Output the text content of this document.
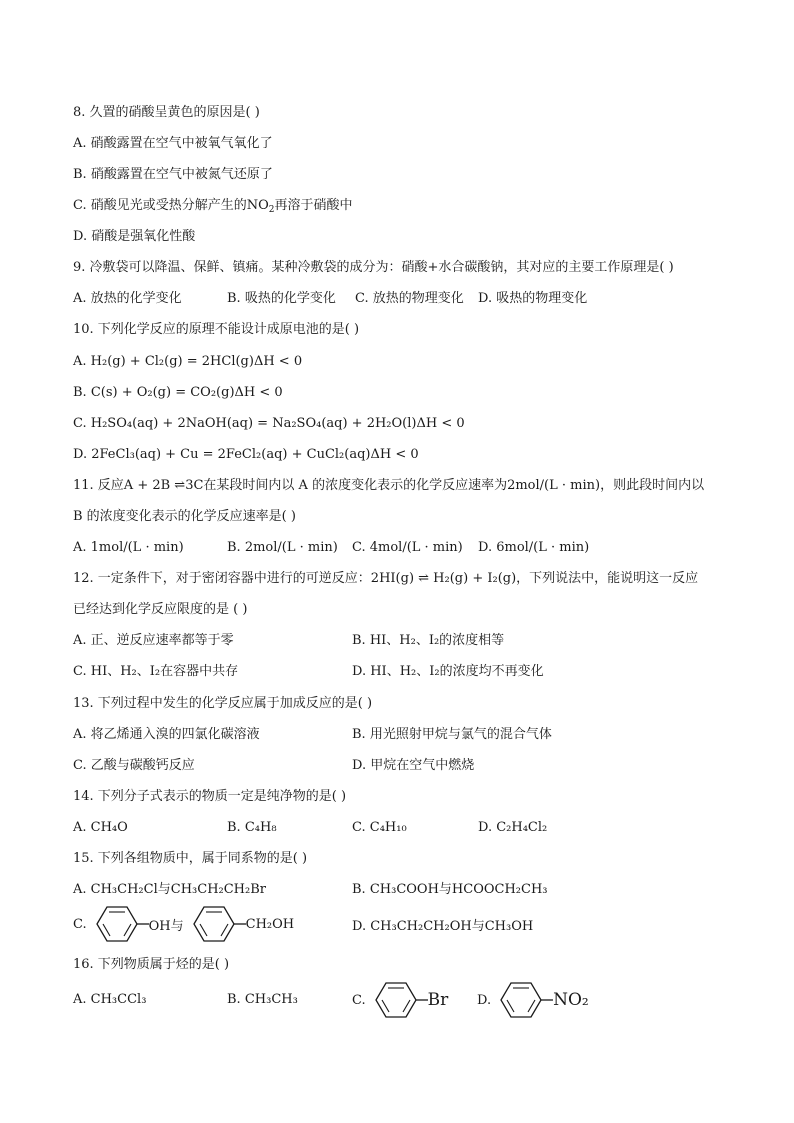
8. 久置的硝酸呈黄色的原因是( )
A. 硝酸露置在空气中被氧气氧化了
B. 硝酸露置在空气中被氮气还原了
C. 硝酸见光或受热分解产生的$NO_2$再溶于硝酸中
D. 硝酸是强氧化性酸
9. 冷敷袋可以降温、保鲜、镇痛。某种冷敷袋的成分为：硝酸+水合碳酸钠，其对应的主要工作原理是( )
A. 放热的化学变化	B. 吸热的化学变化 C. 放热的物理变化 D. 吸热的物理变化
10. 下列化学反应的原理不能设计成原电池的是( )
A. H₂(g) + Cl₂(g) = 2HCl(g)ΔH < 0
B. C(s) + O₂(g) = CO₂(g)ΔH < 0
C. H₂SO₄(aq) + 2NaOH(aq) = Na₂SO₄(aq) + 2H₂O(l)ΔH < 0
D. 2FeCl₃(aq) + Cu = 2FeCl₂(aq) + CuCl₂(aq)ΔH < 0
11. 反应A + 2B ⇌3C在某段时间内以 A 的浓度变化表示的化学反应速率为2mol/(L · min)，则此段时间内以
B 的浓度变化表示的化学反应速率是( )
A. 1mol/(L · min)	B. 2mol/(L · min) C. 4mol/(L · min) D. 6mol/(L · min)
12. 一定条件下，对于密闭容器中进行的可逆反应：2HI(g) ⇌ H₂(g) + I₂(g)，下列说法中，能说明这一反应
已经达到化学反应限度的是 ( )
A. 正、逆反应速率都等于零	B. HI、H₂、I₂的浓度相等
C. HI、H₂、I₂在容器中共存	D. HI、H₂、I₂的浓度均不再变化
13. 下列过程中发生的化学反应属于加成反应的是( )
A. 将乙烯通入溴的四氯化碳溶液	B. 用光照射甲烷与氯气的混合气体
C. 乙酸与碳酸钙反应	D. 甲烷在空气中燃烧
14. 下列分子式表示的物质一定是纯净物的是( )
A. CH₄O	B. C₄H₈	C. C₄H₁₀	D. C₂H₄Cl₂
15. 下列各组物质中，属于同系物的是( )
A. CH₃CH₂Cl与CH₃CH₂CH₂Br	B. CH₃COOH与HCOOCH₂CH₃
C.	OH与	CH₂OH	D. CH₃CH₂CH₂OH与CH₃OH
16. 下列物质属于烃的是( )
A. CH₃CCl₃	B. CH₃CH₃	C.	Br D.	NO₂
